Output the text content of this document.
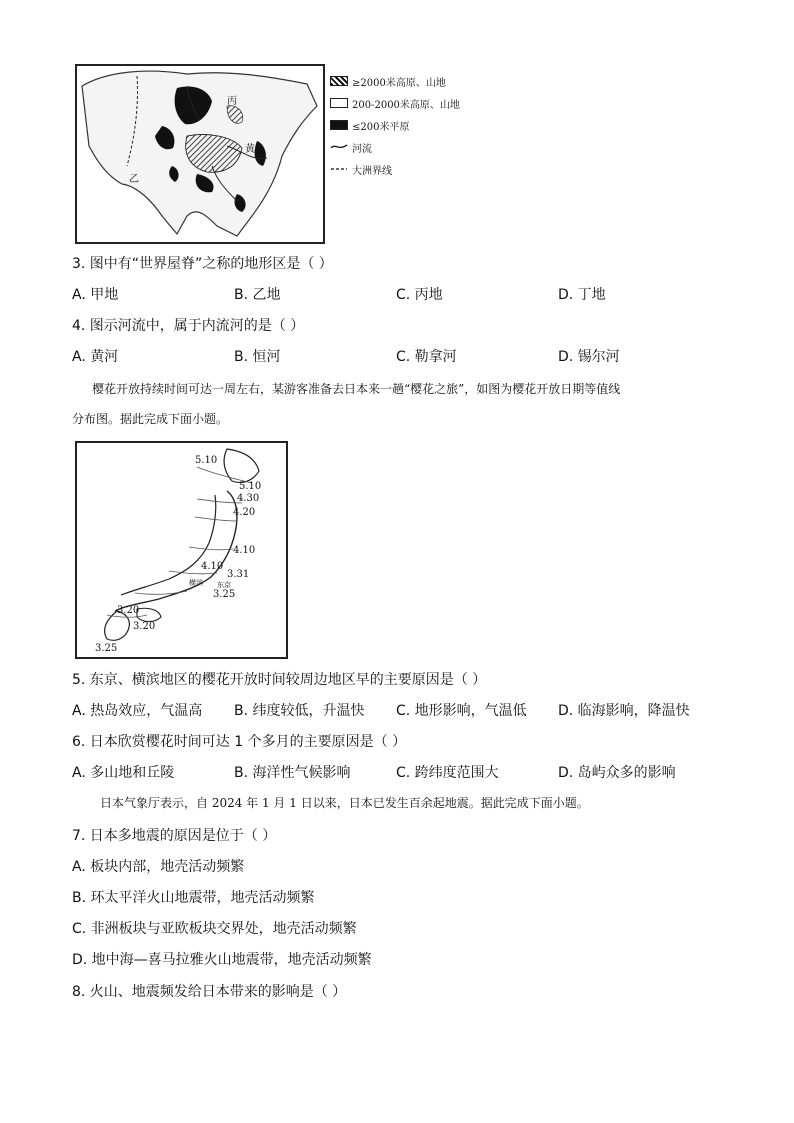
丙
黄
乙
恒
≥2000米高原、山地
200-2000米高原、山地
≤200米平原
河流
大洲界线
3. 图中有“世界屋脊”之称的地形区是（ ）
A. 甲地	B. 乙地	C. 丙地	D. 丁地
4. 图示河流中，属于内流河的是（ ）
A. 黄河	B. 恒河	C. 勒拿河	D. 锡尔河
樱花开放持续时间可达一周左右，某游客准备去日本来一趟“樱花之旅”，如图为樱花开放日期等值线
分布图。据此完成下面小题。
5.10
5.10
4.30
4.20
4.10
4.10
3.31
3.25
3.20
3.20
3.25
横滨 东京
5. 东京、横滨地区的樱花开放时间较周边地区早的主要原因是（ ）
A. 热岛效应，气温高 B. 纬度较低，升温快 C. 地形影响，气温低 D. 临海影响，降温快
6. 日本欣赏樱花时间可达 1 个多月的主要原因是（ ）
A. 多山地和丘陵	B. 海洋性气候影响	C. 跨纬度范围大	D. 岛屿众多的影响
日本气象厅表示，自 2024 年 1 月 1 日以来，日本已发生百余起地震。据此完成下面小题。
7. 日本多地震的原因是位于（ ）
A. 板块内部，地壳活动频繁
B. 环太平洋火山地震带，地壳活动频繁
C. 非洲板块与亚欧板块交界处，地壳活动频繁
D. 地中海—喜马拉雅火山地震带，地壳活动频繁
8. 火山、地震频发给日本带来的影响是（ ）
